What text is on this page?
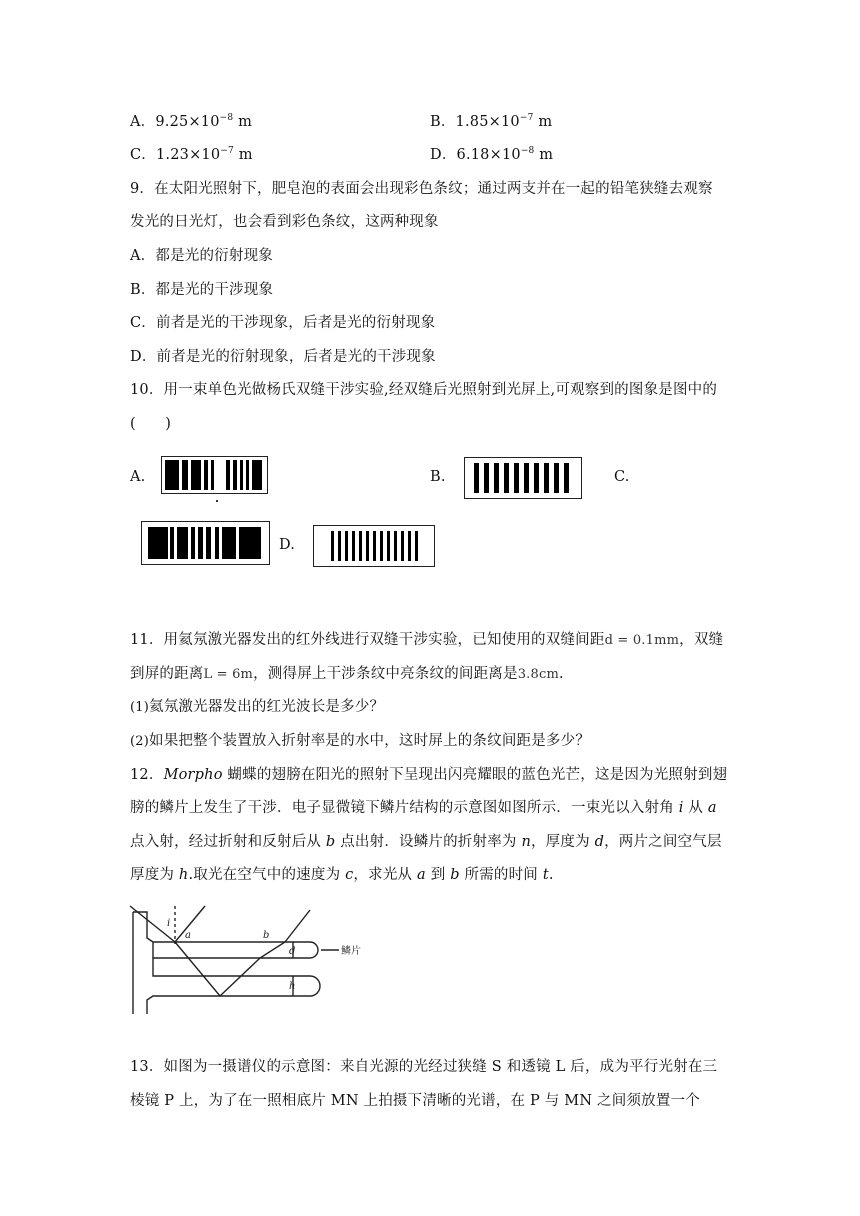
A．$9.25\times 10^{-8}$ m	B．$1.85\times 10^{-7}$ m
C．$1.23\times 10^{-7}$ m	D．$6.18\times 10^{-8}$ m
9．在太阳光照射下，肥皂泡的表面会出现彩色条纹；通过两支并在一起的铅笔狭缝去观察
发光的日光灯，也会看到彩色条纹，这两种现象
A．都是光的衍射现象
B．都是光的干涉现象
C．前者是光的干涉现象，后者是光的衍射现象
D．前者是光的衍射现象，后者是光的干涉现象
10．用一束单色光做杨氏双缝干涉实验,经双缝后光照射到光屏上,可观察到的图象是图中的
(　　)
A.	B.	C.
D.
11．用氦氖激光器发出的红外线进行双缝干涉实验，已知使用的双缝间距d = 0.1mm，双缝
到屏的距离L = 6m，测得屏上干涉条纹中亮条纹的间距离是3.8cm.
(1)氦氖激光器发出的红光波长是多少？
(2)如果把整个装置放入折射率是的水中，这时屏上的条纹间距是多少？
12．Morpho 蝴蝶的翅膀在阳光的照射下呈现出闪亮耀眼的蓝色光芒，这是因为光照射到翅
膀的鳞片上发生了干涉．电子显微镜下鳞片结构的示意图如图所示．一束光以入射角 i 从 a
点入射，经过折射和反射后从 b 点出射．设鳞片的折射率为 n，厚度为 d，两片之间空气层
厚度为 h.取光在空气中的速度为 c，求光从 a 到 b 所需的时间 t.
i
a	b
d
h
鳞片
13．如图为一摄谱仪的示意图：来自光源的光经过狭缝 S 和透镜 L 后，成为平行光射在三
棱镜 P 上，为了在一照相底片 MN 上拍摄下清晰的光谱，在 P 与 MN 之间须放置一个
